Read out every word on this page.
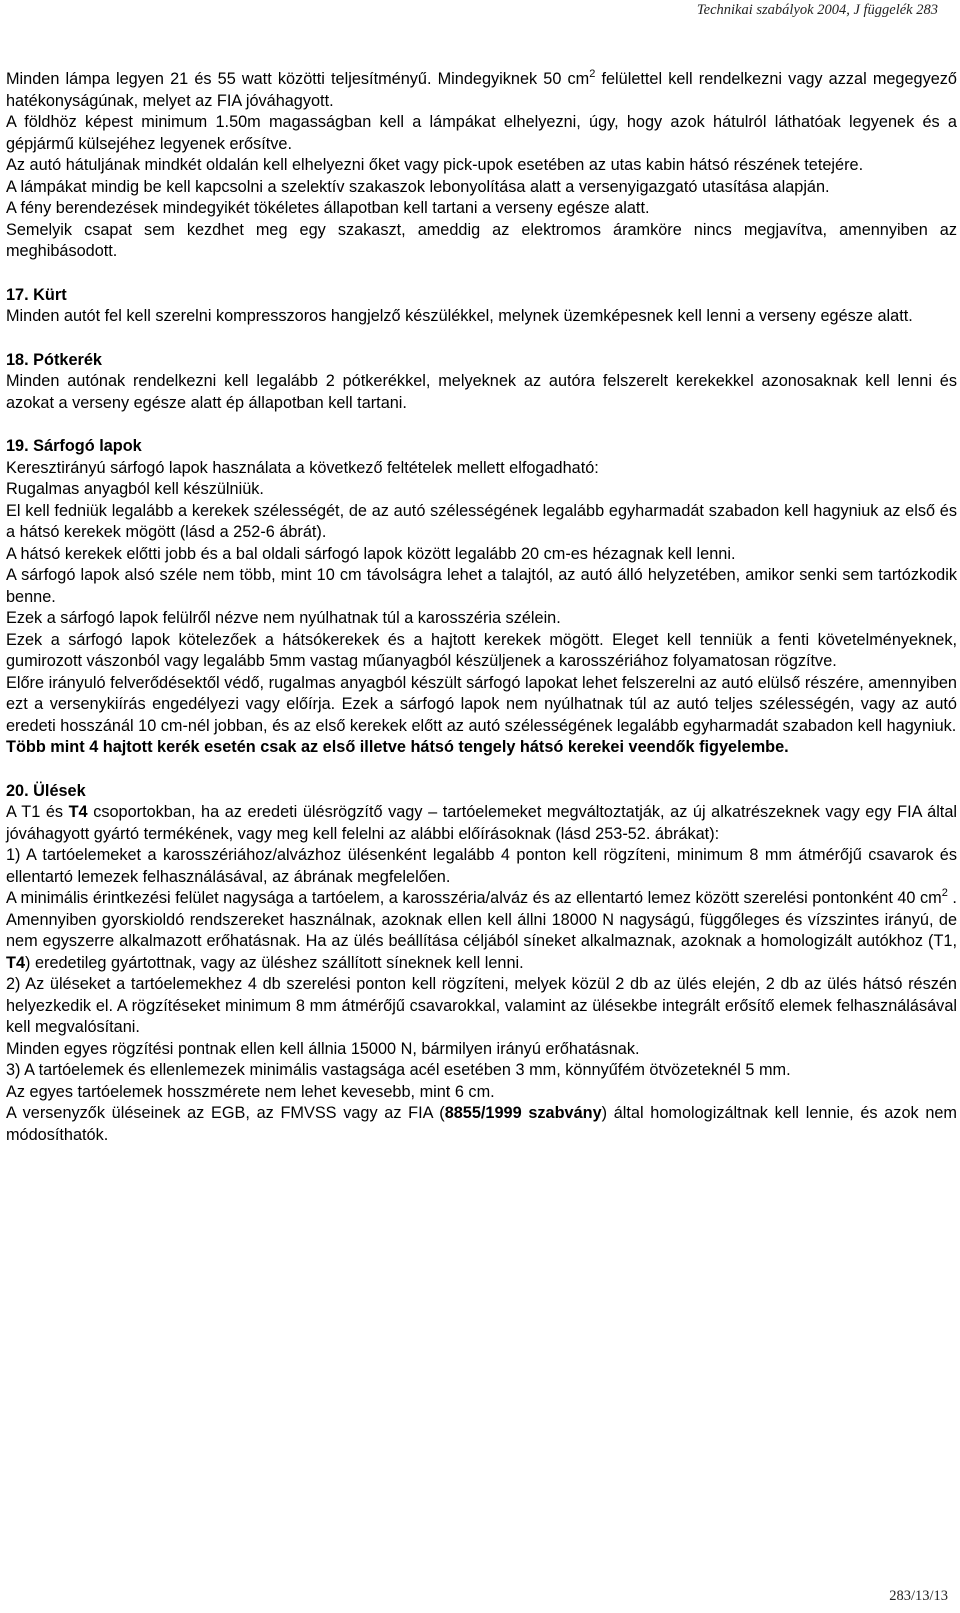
Technikai szabályok 2004, J függelék 283

Minden lámpa legyen 21 és 55 watt közötti teljesítményű. Mindegyiknek 50 $cm^2$ felülettel kell rendelkezni vagy azzal megegyező hatékonyságúnak, melyet az FIA jóváhagyott.

A földhöz képest minimum 1.50m magasságban kell a lámpákat elhelyezni, úgy, hogy azok hátulról láthatóak legyenek és a gépjármű külsejéhez legyenek erősítve.

Az autó hátuljának mindkét oldalán kell elhelyezni őket vagy pick-upok esetében az utas kabin hátsó részének tetejére.

A lámpákat mindig be kell kapcsolni a szelektív szakaszok lebonyolítása alatt a versenyigazgató utasítása alapján.

A fény berendezések mindegyikét tökéletes állapotban kell tartani a verseny egésze alatt.

Semelyik csapat sem kezdhet meg egy szakaszt, ameddig az elektromos áramköre nincs megjavítva, amennyiben az meghibásodott.

17. Kürt

Minden autót fel kell szerelni kompresszoros hangjelző készülékkel, melynek üzemképesnek kell lenni a verseny egésze alatt.

18. Pótkerék

Minden autónak rendelkezni kell legalább 2 pótkerékkel, melyeknek az autóra felszerelt kerekekkel azonosaknak kell lenni és azokat a verseny egésze alatt ép állapotban kell tartani.

19. Sárfogó lapok

Keresztirányú sárfogó lapok használata a következő feltételek mellett elfogadható:

Rugalmas anyagból kell készülniük.

El kell fedniük legalább a kerekek szélességét, de az autó szélességének legalább egyharmadát szabadon kell hagyniuk az első és a hátsó kerekek mögött (lásd a 252-6 ábrát).

A hátsó kerekek előtti jobb és a bal oldali sárfogó lapok között legalább 20 cm-es hézagnak kell lenni.

A sárfogó lapok alsó széle nem több, mint 10 cm távolságra lehet a talajtól, az autó álló helyzetében, amikor senki sem tartózkodik benne.

Ezek a sárfogó lapok felülről nézve nem nyúlhatnak túl a karosszéria szélein.

Ezek a sárfogó lapok kötelezőek a hátsókerekek és a hajtott kerekek mögött. Eleget kell tenniük a fenti követelményeknek, gumirozott vászonból vagy legalább 5mm vastag műanyagból készüljenek a karosszériához folyamatosan rögzítve.

Előre irányuló felverődésektől védő, rugalmas anyagból készült sárfogó lapokat lehet felszerelni az autó elülső részére, amennyiben ezt a versenykiírás engedélyezi vagy előírja. Ezek a sárfogó lapok nem nyúlhatnak túl az autó teljes szélességén, vagy az autó eredeti hosszánál 10 cm-nél jobban, és az első kerekek előtt az autó szélességének legalább egyharmadát szabadon kell hagyniuk.

Több mint 4 hajtott kerék esetén csak az első illetve hátsó tengely hátsó kerekei veendők figyelembe.

20. Ülések

A T1 és T4 csoportokban, ha az eredeti ülésrögzítő vagy – tartóelemeket megváltoztatják, az új alkatrészeknek vagy egy FIA által jóváhagyott gyártó termékének, vagy meg kell felelni az alábbi előírásoknak (lásd 253-52. ábrákat):

1) A tartóelemeket a karosszériához/alvázhoz ülésenként legalább 4 ponton kell rögzíteni, minimum 8 mm átmérőjű csavarok és ellentartó lemezek felhasználásával, az ábrának megfelelően.

A minimális érintkezési felület nagysága a tartóelem, a karosszéria/alváz és az ellentartó lemez között szerelési pontonként 40 $cm^2$ .

Amennyiben gyorskioldó rendszereket használnak, azoknak ellen kell állni 18000 N nagyságú, függőleges és vízszintes irányú, de nem egyszerre alkalmazott erőhatásnak. Ha az ülés beállítása céljából síneket alkalmaznak, azoknak a homologizált autókhoz (T1, T4) eredetileg gyártottnak, vagy az üléshez szállított síneknek kell lenni.

2) Az üléseket a tartóelemekhez 4 db szerelési ponton kell rögzíteni, melyek közül 2 db az ülés elején, 2 db az ülés hátsó részén helyezkedik el. A rögzítéseket minimum 8 mm átmérőjű csavarokkal, valamint az ülésekbe integrált erősítő elemek felhasználásával kell megvalósítani.

Minden egyes rögzítési pontnak ellen kell állnia 15000 N, bármilyen irányú erőhatásnak.

3) A tartóelemek és ellenlemezek minimális vastagsága acél esetében 3 mm, könnyűfém ötvözeteknél 5 mm.

Az egyes tartóelemek hosszmérete nem lehet kevesebb, mint 6 cm.

A versenyzők üléseinek az EGB, az FMVSS vagy az FIA (8855/1999 szabvány) által homologizáltnak kell lennie, és azok nem módosíthatók.

283/13/13
